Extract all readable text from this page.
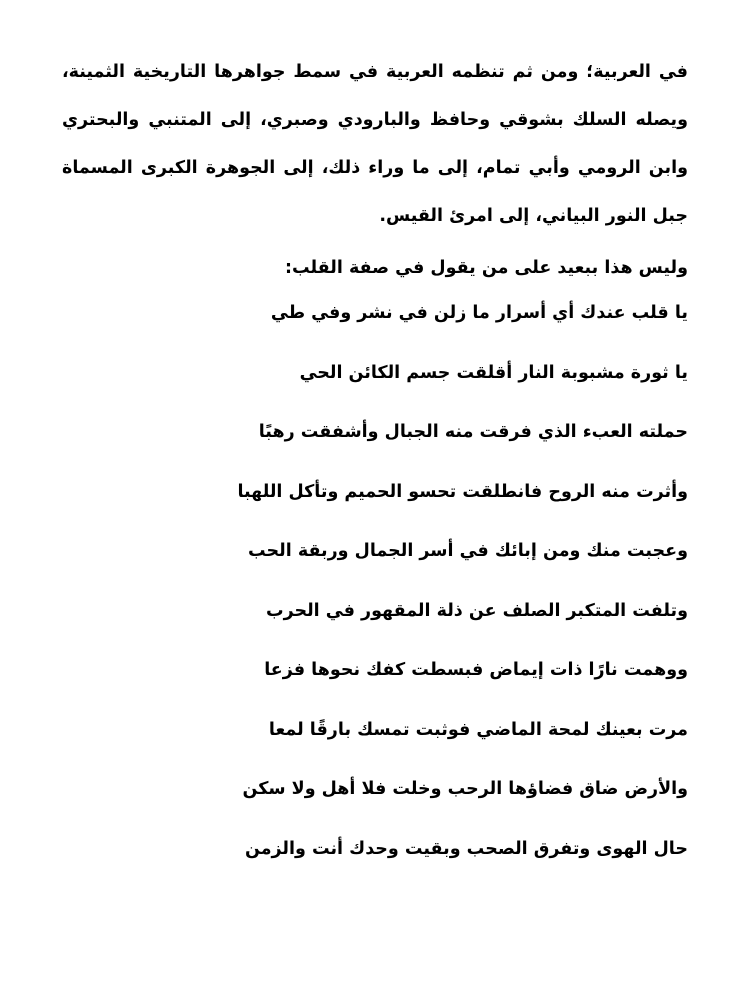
في العربية؛ ومن ثم تنظمه العربية في سمط جواهرها التاريخية الثمينة، ويصله السلك بشوقي وحافظ والبارودي وصبري، إلى المتنبي والبحتري وابن الرومي وأبي تمام، إلى ما وراء ذلك، إلى الجوهرة الكبرى المسماة جبل النور البياني، إلى امرئ القيس.

وليس هذا ببعيد على من يقول في صفة القلب:

يا قلب عندك أي أسرار ما زلن في نشر وفي طي
يا ثورة مشبوبة النار أقلقت جسم الكائن الحي
حملته العبء الذي فرقت منه الجبال وأشفقت رهبًا
وأثرت منه الروح فانطلقت تحسو الحميم وتأكل اللهبا
وعجبت منك ومن إبائك في أسر الجمال وربقة الحب
وتلفت المتكبر الصلف عن ذلة المقهور في الحرب
ووهمت نارًا ذات إيماض فبسطت كفك نحوها فزعا
مرت بعينك لمحة الماضي فوثبت تمسك بارقًا لمعا
والأرض ضاق فضاؤها الرحب وخلت فلا أهل ولا سكن
حال الهوى وتفرق الصحب وبقيت وحدك أنت والزمن
